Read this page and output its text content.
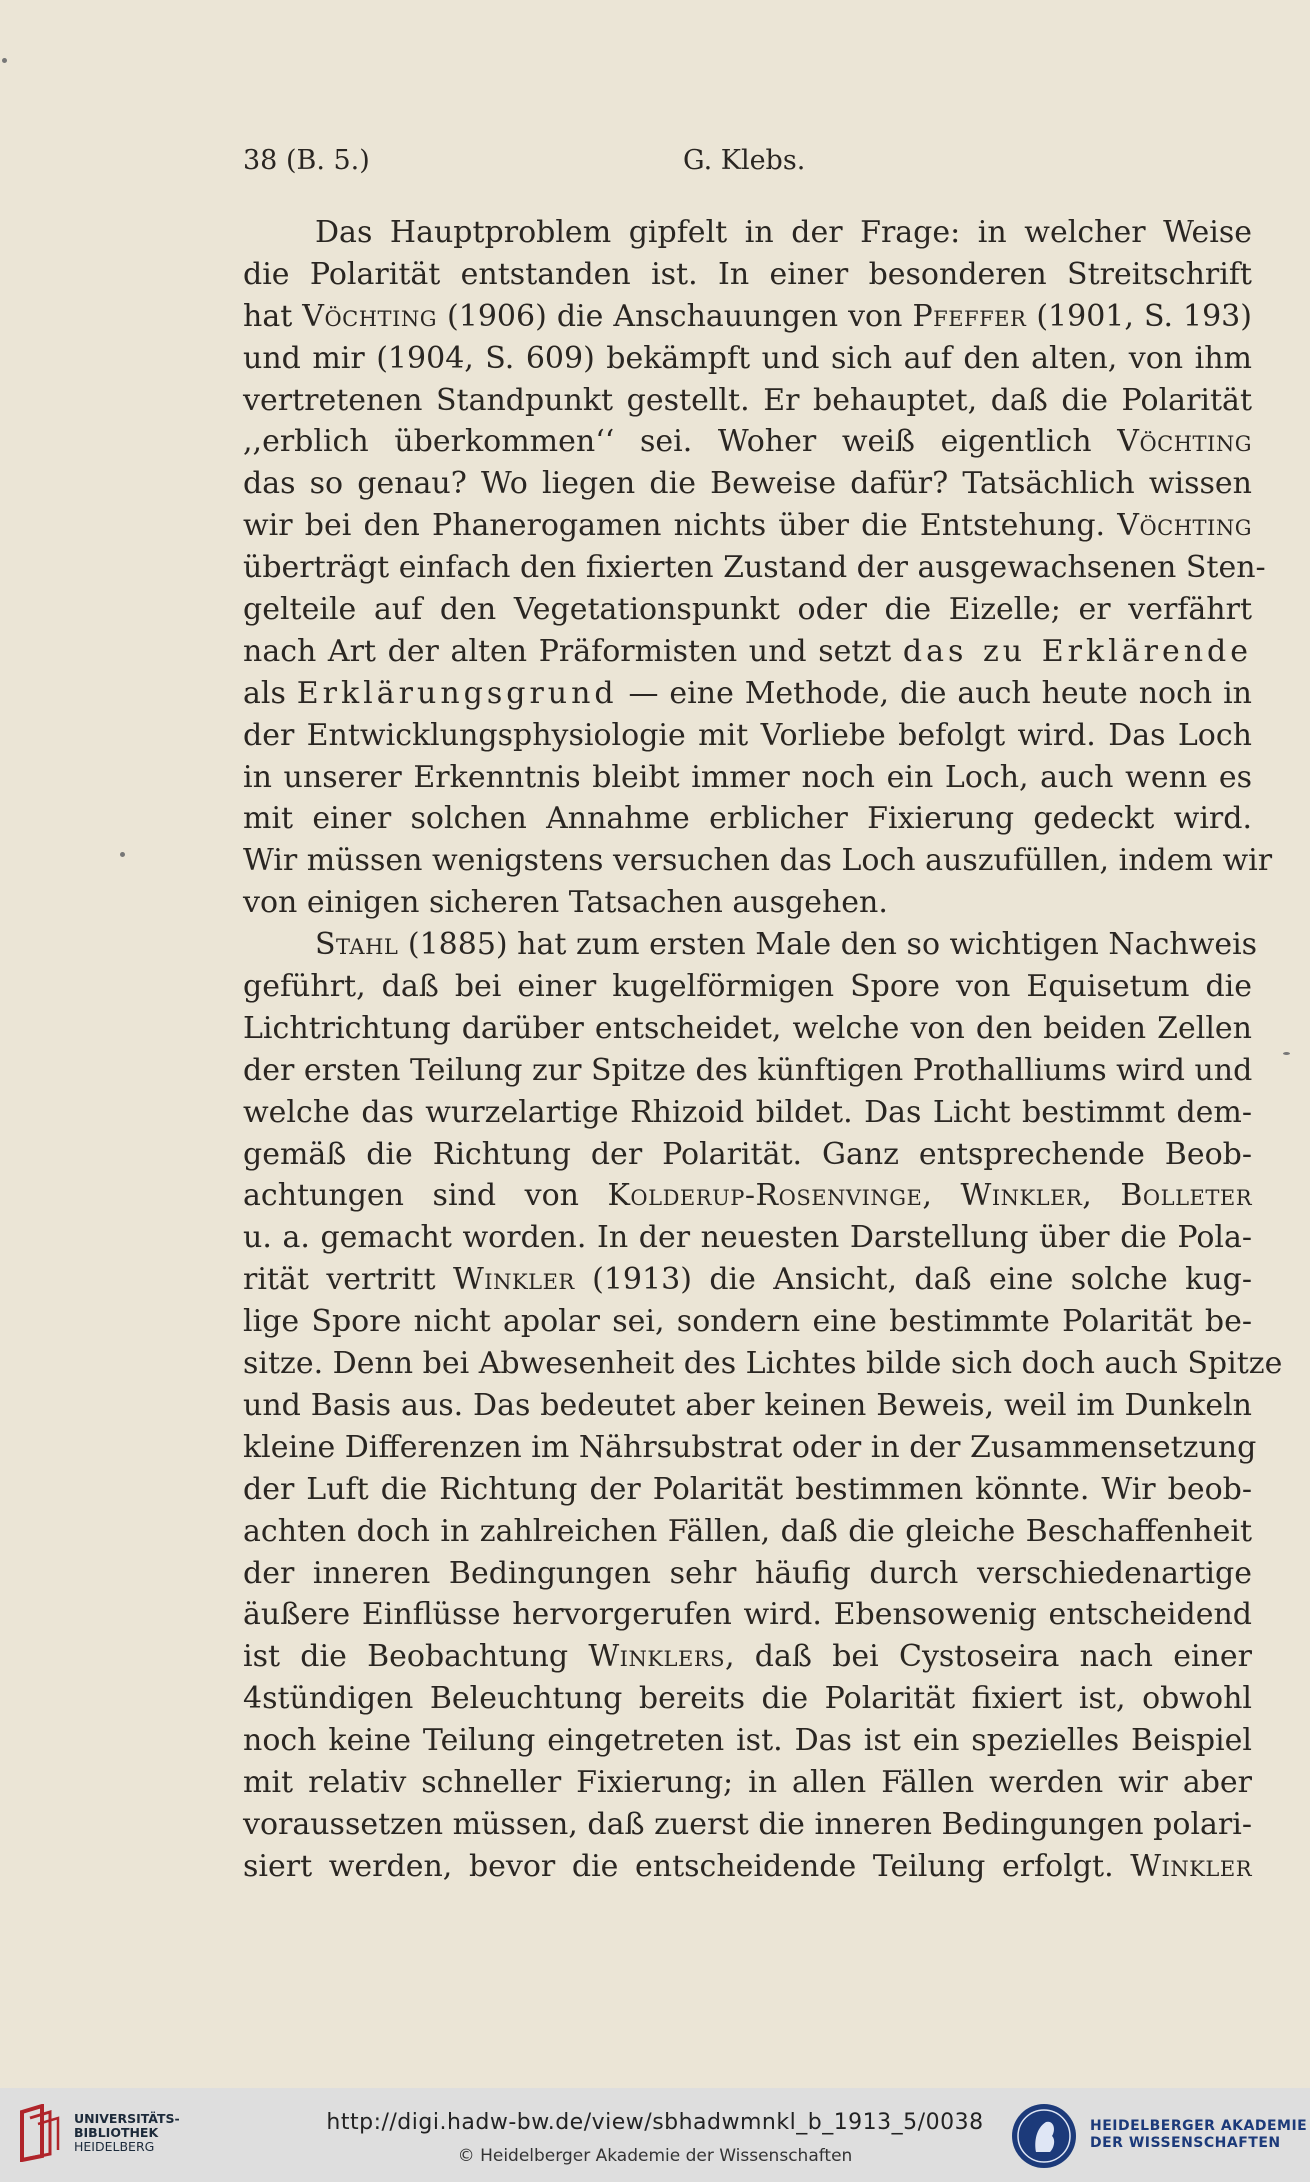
38 (B. 5.)	G. Klebs.
Das Hauptproblem gipfelt in der Frage: in welcher Weise
die Polarität entstanden ist. In einer besonderen Streitschrift
hat Vöchting (1906) die Anschauungen von Pfeffer (1901, S. 193)
und mir (1904, S. 609) bekämpft und sich auf den alten, von ihm
vertretenen Standpunkt gestellt. Er behauptet, daß die Polarität
,,erblich überkommen‘‘ sei. Woher weiß eigentlich Vöchting
das so genau? Wo liegen die Beweise dafür? Tatsächlich wissen
wir bei den Phanerogamen nichts über die Entstehung. Vöchting
überträgt einfach den fixierten Zustand der ausgewachsenen Sten-
gelteile auf den Vegetationspunkt oder die Eizelle; er verfährt
nach Art der alten Präformisten und setzt das zu Erklärende
als Erklärungsgrund — eine Methode, die auch heute noch in
der Entwicklungsphysiologie mit Vorliebe befolgt wird. Das Loch
in unserer Erkenntnis bleibt immer noch ein Loch, auch wenn es
mit einer solchen Annahme erblicher Fixierung gedeckt wird.
Wir müssen wenigstens versuchen das Loch auszufüllen, indem wir
von einigen sicheren Tatsachen ausgehen.
Stahl (1885) hat zum ersten Male den so wichtigen Nachweis
geführt, daß bei einer kugelförmigen Spore von Equisetum die
Lichtrichtung darüber entscheidet, welche von den beiden Zellen
der ersten Teilung zur Spitze des künftigen Prothalliums wird und
welche das wurzelartige Rhizoid bildet. Das Licht bestimmt dem-
gemäß die Richtung der Polarität. Ganz entsprechende Beob-
achtungen sind von Kolderup-Rosenvinge, Winkler, Bolleter
u. a. gemacht worden. In der neuesten Darstellung über die Pola-
rität vertritt Winkler (1913) die Ansicht, daß eine solche kug-
lige Spore nicht apolar sei, sondern eine bestimmte Polarität be-
sitze. Denn bei Abwesenheit des Lichtes bilde sich doch auch Spitze
und Basis aus. Das bedeutet aber keinen Beweis, weil im Dunkeln
kleine Differenzen im Nährsubstrat oder in der Zusammensetzung
der Luft die Richtung der Polarität bestimmen könnte. Wir beob-
achten doch in zahlreichen Fällen, daß die gleiche Beschaffenheit
der inneren Bedingungen sehr häufig durch verschiedenartige
äußere Einflüsse hervorgerufen wird. Ebensowenig entscheidend
ist die Beobachtung Winklers, daß bei Cystoseira nach einer
4stündigen Beleuchtung bereits die Polarität fixiert ist, obwohl
noch keine Teilung eingetreten ist. Das ist ein spezielles Beispiel
mit relativ schneller Fixierung; in allen Fällen werden wir aber
voraussetzen müssen, daß zuerst die inneren Bedingungen polari-
siert werden, bevor die entscheidende Teilung erfolgt. Winkler
UNIVERSITÄTS-
BIBLIOTHEK
HEIDELBERG
http://digi.hadw-bw.de/view/sbhadwmnkl_b_1913_5/0038
© Heidelberger Akademie der Wissenschaften
HEIDELBERGER AKADEMIE
DER WISSENSCHAFTEN
